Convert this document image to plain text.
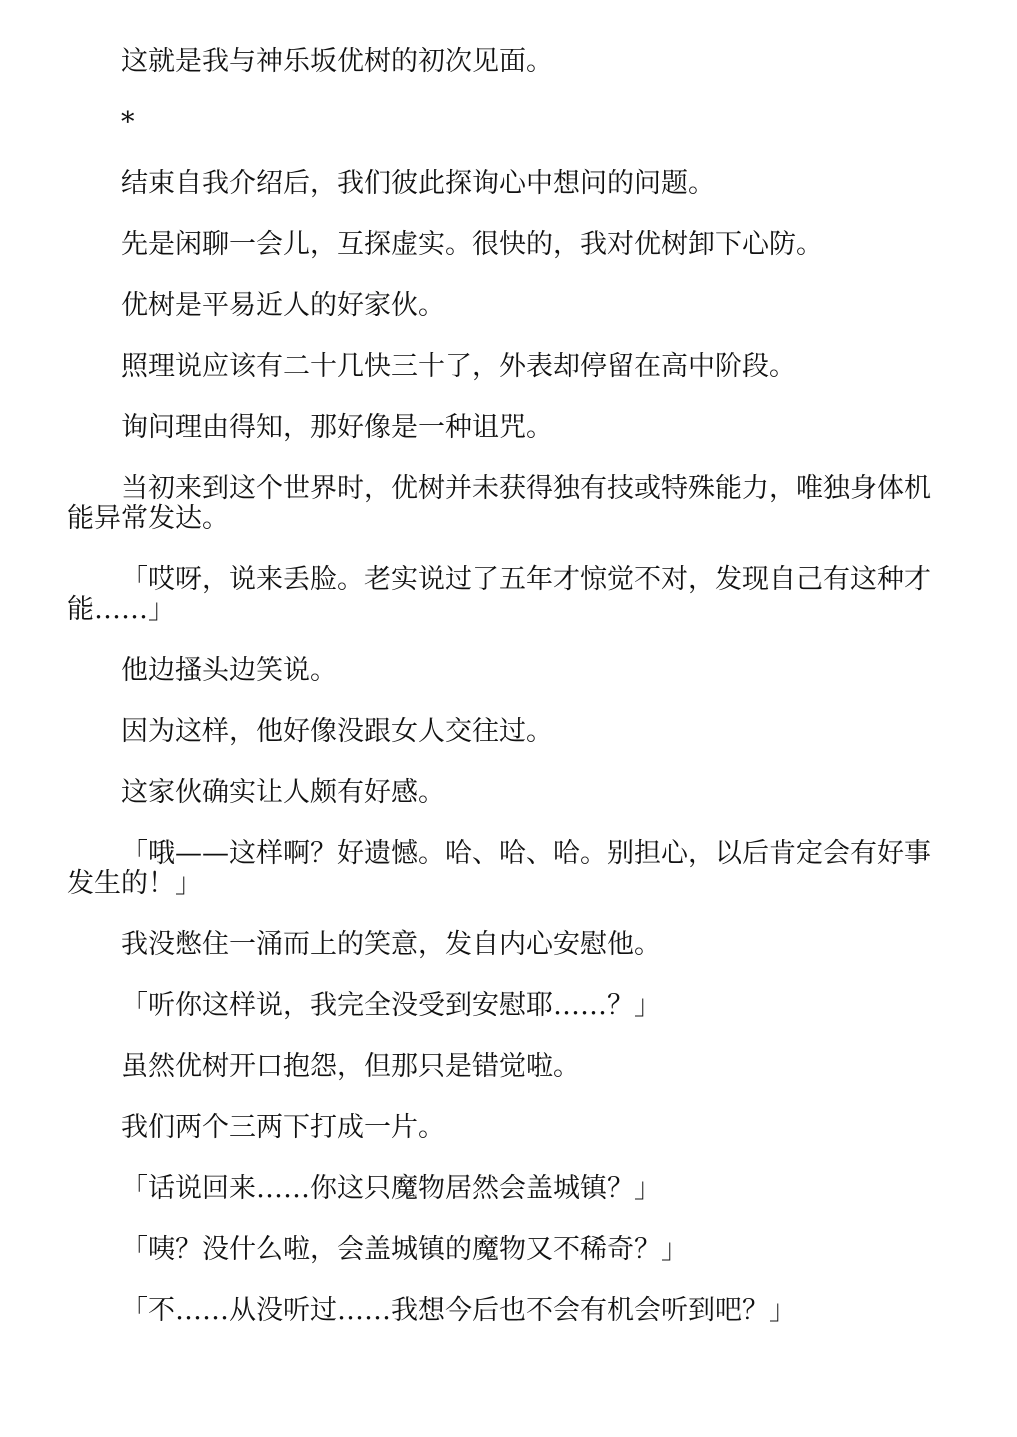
这就是我与神乐坂优树的初次见面。

*

结束自我介绍后，我们彼此探询心中想问的问题。

先是闲聊一会儿，互探虚实。很快的，我对优树卸下心防。

优树是平易近人的好家伙。

照理说应该有二十几快三十了，外表却停留在高中阶段。

询问理由得知，那好像是一种诅咒。

当初来到这个世界时，优树并未获得独有技或特殊能力，唯独身体机能异常发达。

「哎呀，说来丢脸。老实说过了五年才惊觉不对，发现自己有这种才能……」

他边搔头边笑说。

因为这样，他好像没跟女人交往过。

这家伙确实让人颇有好感。

「哦——这样啊？好遗憾。哈、哈、哈。别担心，以后肯定会有好事发生的！」

我没憋住一涌而上的笑意，发自内心安慰他。

「听你这样说，我完全没受到安慰耶……？」

虽然优树开口抱怨，但那只是错觉啦。

我们两个三两下打成一片。

「话说回来……你这只魔物居然会盖城镇？」

「咦？没什么啦，会盖城镇的魔物又不稀奇？」

「不……从没听过……我想今后也不会有机会听到吧？」
